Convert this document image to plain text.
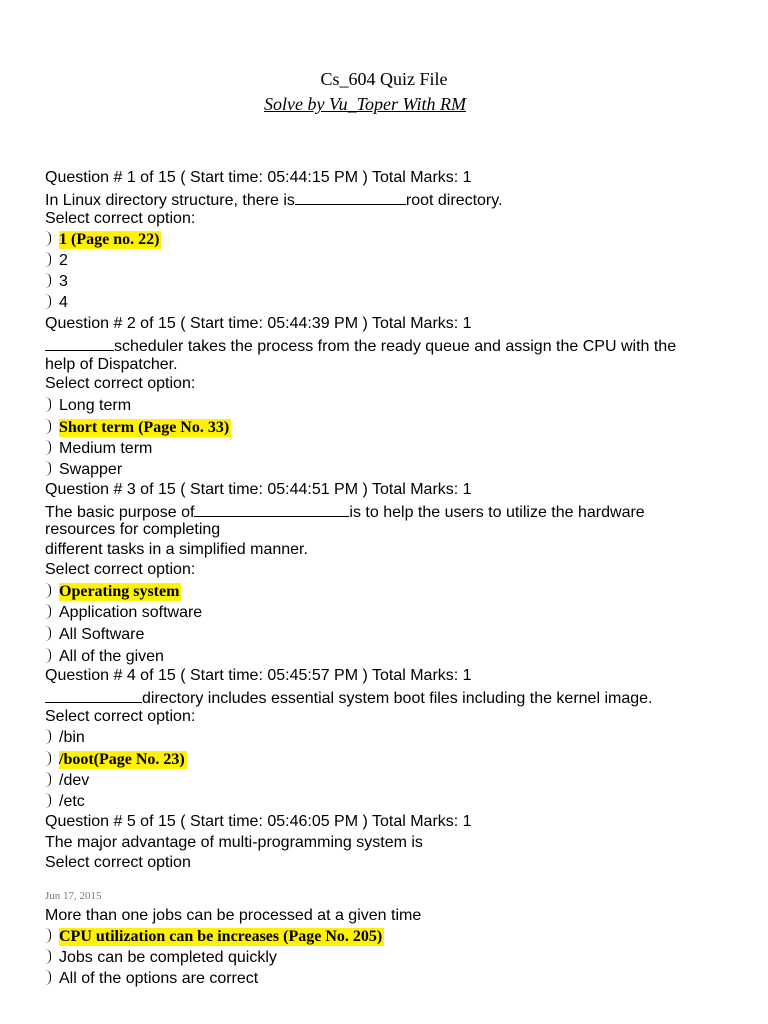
Cs_604 Quiz File
Solve by Vu_Toper With RM
Question # 1 of 15 ( Start time: 05:44:15 PM ) Total Marks: 1
In Linux directory structure, there is	root directory.
Select correct option:
1 (Page no. 22)
2
3
4
Question # 2 of 15 ( Start time: 05:44:39 PM ) Total Marks: 1
scheduler takes the process from the ready queue and assign the CPU with the
help of Dispatcher.
Select correct option:
Long term
Short term (Page No. 33)
Medium term
Swapper
Question # 3 of 15 ( Start time: 05:44:51 PM ) Total Marks: 1
The basic purpose of	is to help the users to utilize the hardware
resources for completing
different tasks in a simplified manner.
Select correct option:
Operating system
Application software
All Software
All of the given
Question # 4 of 15 ( Start time: 05:45:57 PM ) Total Marks: 1
directory includes essential system boot files including the kernel image.
Select correct option:
/bin
/boot(Page No. 23)
/dev
/etc
Question # 5 of 15 ( Start time: 05:46:05 PM ) Total Marks: 1
The major advantage of multi-programming system is
Select correct option
Jun 17, 2015
More than one jobs can be processed at a given time
CPU utilization can be increases (Page No. 205)
Jobs can be completed quickly
All of the options are correct
